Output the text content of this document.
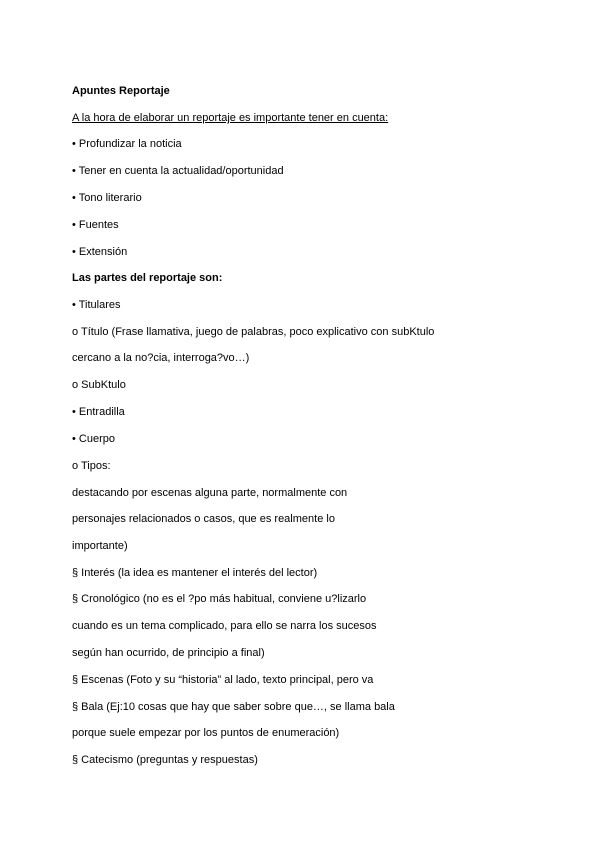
Apuntes Reportaje
A la hora de elaborar un reportaje es importante tener en cuenta:
• Profundizar la noticia
• Tener en cuenta la actualidad/oportunidad
• Tono literario
• Fuentes
• Extensión
Las partes del reportaje son:
• Titulares
o Título (Frase llamativa, juego de palabras, poco explicativo con subKtulo
cercano a la no?cia, interroga?vo…)
o SubKtulo
• Entradilla
• Cuerpo
o Tipos:
destacando por escenas alguna parte, normalmente con
personajes relacionados o casos, que es realmente lo
importante)
§ Interés (la idea es mantener el interés del lector)
§ Cronológico (no es el ?po más habitual, conviene u?lizarlo
cuando es un tema complicado, para ello se narra los sucesos
según han ocurrido, de principio a final)
§ Escenas (Foto y su “historia” al lado, texto principal, pero va
§ Bala (Ej:10 cosas que hay que saber sobre que…, se llama bala
porque suele empezar por los puntos de enumeración)
§ Catecismo (preguntas y respuestas)
